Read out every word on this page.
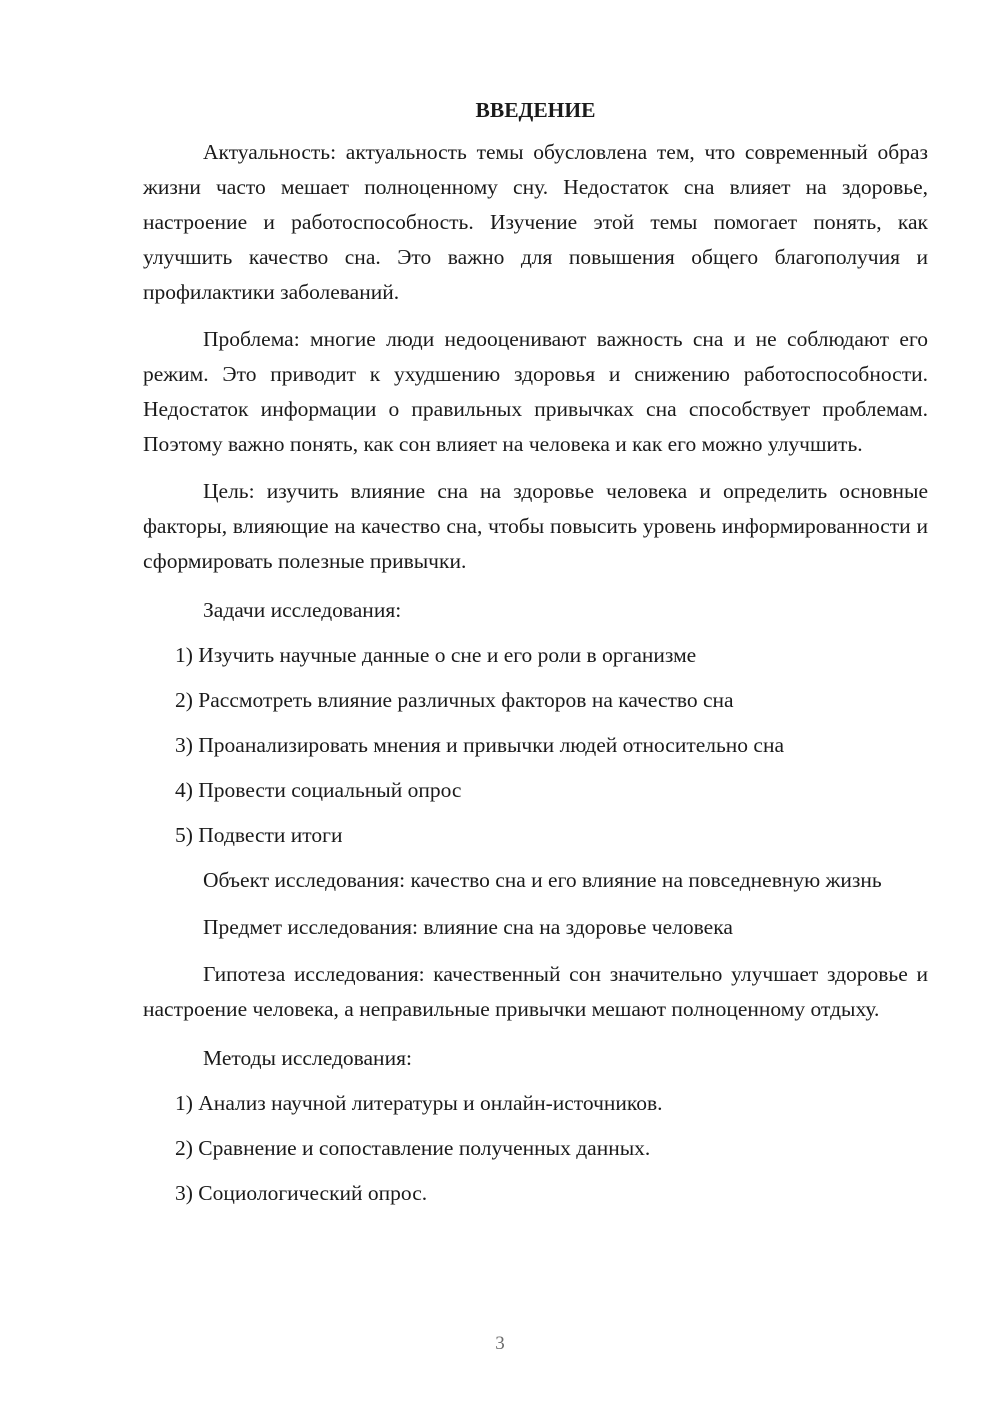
ВВЕДЕНИЕ

Актуальность: актуальность темы обусловлена тем, что современный образ жизни часто мешает полноценному сну. Недостаток сна влияет на здоровье, настроение и работоспособность. Изучение этой темы помогает понять, как улучшить качество сна. Это важно для повышения общего благополучия и профилактики заболеваний.

Проблема: многие люди недооценивают важность сна и не соблюдают его режим. Это приводит к ухудшению здоровья и снижению работоспособности. Недостаток информации о правильных привычках сна способствует проблемам. Поэтому важно понять, как сон влияет на человека и как его можно улучшить.

Цель: изучить влияние сна на здоровье человека и определить основные факторы, влияющие на качество сна, чтобы повысить уровень информированности и сформировать полезные привычки.

Задачи исследования:

1) Изучить научные данные о сне и его роли в организме

2) Рассмотреть влияние различных факторов на качество сна

3) Проанализировать мнения и привычки людей относительно сна

4) Провести социальный опрос

5) Подвести итоги

Объект исследования: качество сна и его влияние на повседневную жизнь

Предмет исследования: влияние сна на здоровье человека

Гипотеза исследования: качественный сон значительно улучшает здоровье и настроение человека, а неправильные привычки мешают полноценному отдыху.

Методы исследования:

1) Анализ научной литературы и онлайн-источников.

2) Сравнение и сопоставление полученных данных.

3) Социологический опрос.

3
